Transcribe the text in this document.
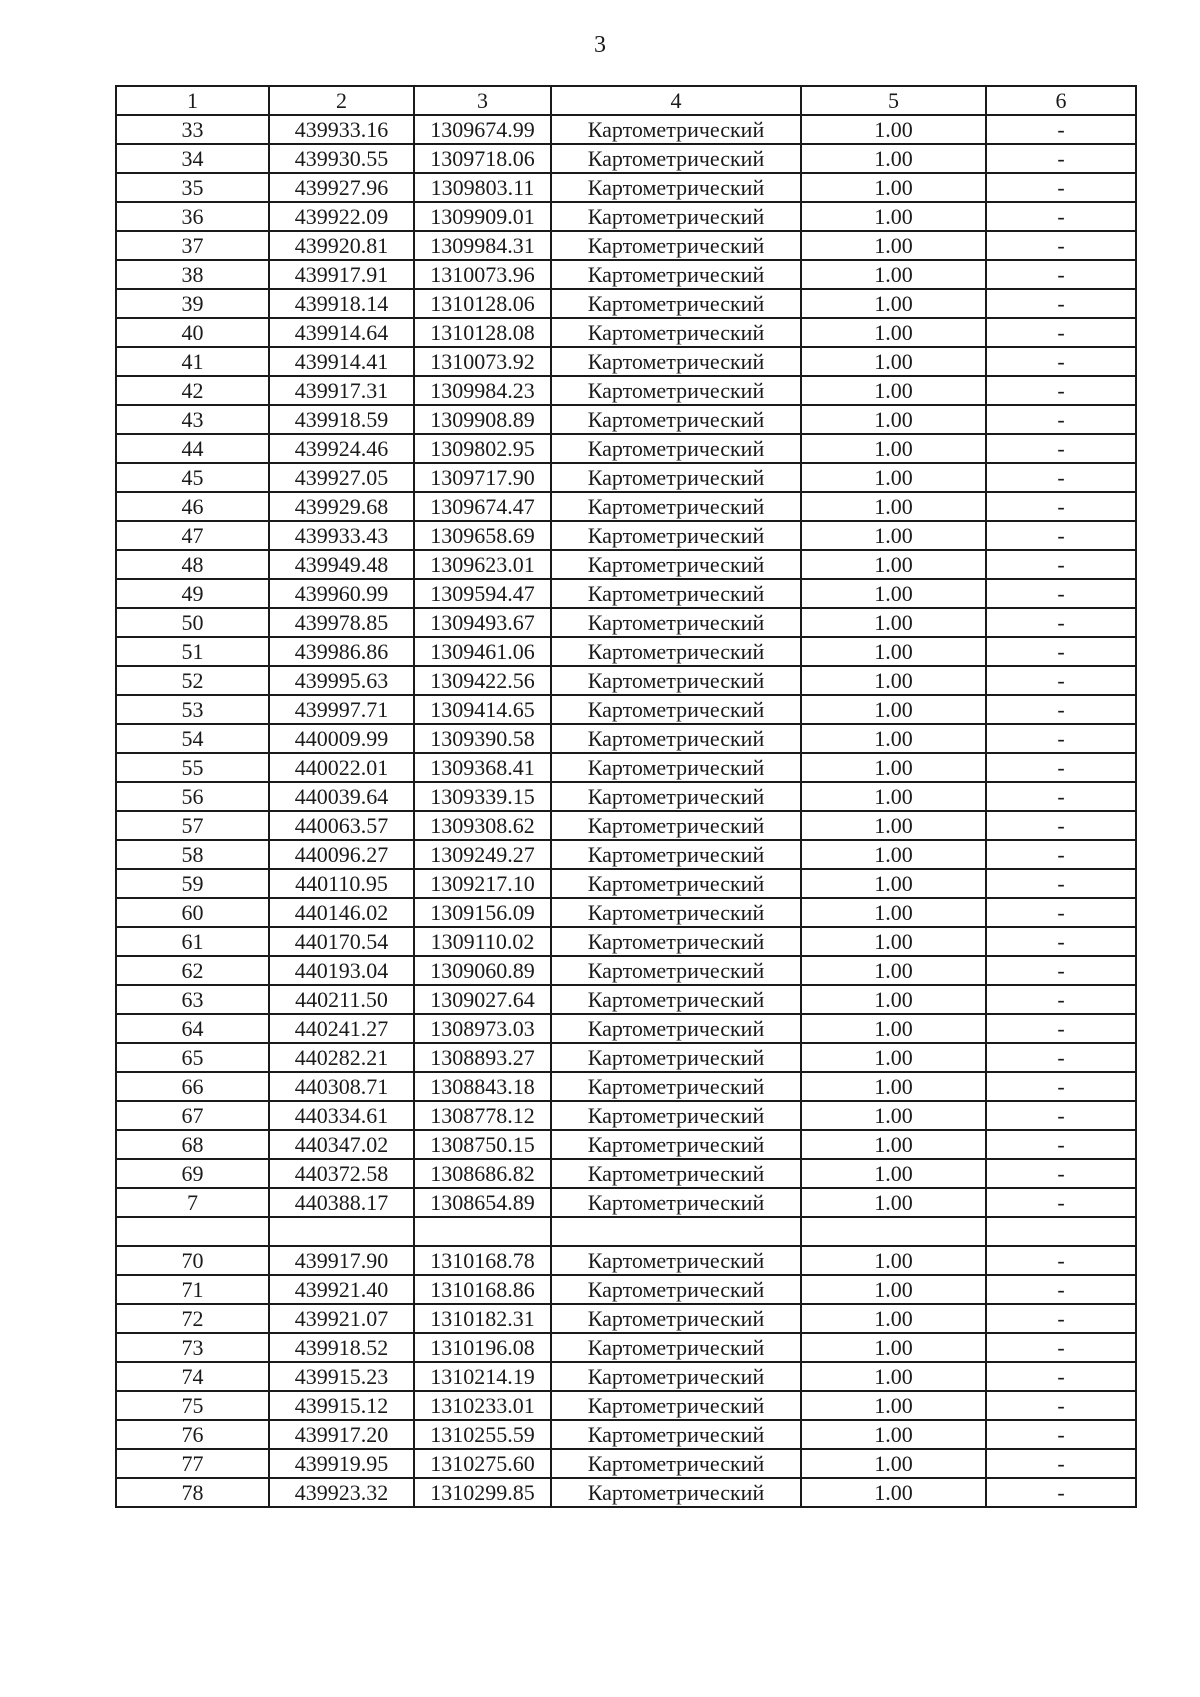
3
1	2	3	4	5	6
33	439933.16	1309674.99	Картометрический	1.00	-
34	439930.55	1309718.06	Картометрический	1.00	-
35	439927.96	1309803.11	Картометрический	1.00	-
36	439922.09	1309909.01	Картометрический	1.00	-
37	439920.81	1309984.31	Картометрический	1.00	-
38	439917.91	1310073.96	Картометрический	1.00	-
39	439918.14	1310128.06	Картометрический	1.00	-
40	439914.64	1310128.08	Картометрический	1.00	-
41	439914.41	1310073.92	Картометрический	1.00	-
42	439917.31	1309984.23	Картометрический	1.00	-
43	439918.59	1309908.89	Картометрический	1.00	-
44	439924.46	1309802.95	Картометрический	1.00	-
45	439927.05	1309717.90	Картометрический	1.00	-
46	439929.68	1309674.47	Картометрический	1.00	-
47	439933.43	1309658.69	Картометрический	1.00	-
48	439949.48	1309623.01	Картометрический	1.00	-
49	439960.99	1309594.47	Картометрический	1.00	-
50	439978.85	1309493.67	Картометрический	1.00	-
51	439986.86	1309461.06	Картометрический	1.00	-
52	439995.63	1309422.56	Картометрический	1.00	-
53	439997.71	1309414.65	Картометрический	1.00	-
54	440009.99	1309390.58	Картометрический	1.00	-
55	440022.01	1309368.41	Картометрический	1.00	-
56	440039.64	1309339.15	Картометрический	1.00	-
57	440063.57	1309308.62	Картометрический	1.00	-
58	440096.27	1309249.27	Картометрический	1.00	-
59	440110.95	1309217.10	Картометрический	1.00	-
60	440146.02	1309156.09	Картометрический	1.00	-
61	440170.54	1309110.02	Картометрический	1.00	-
62	440193.04	1309060.89	Картометрический	1.00	-
63	440211.50	1309027.64	Картометрический	1.00	-
64	440241.27	1308973.03	Картометрический	1.00	-
65	440282.21	1308893.27	Картометрический	1.00	-
66	440308.71	1308843.18	Картометрический	1.00	-
67	440334.61	1308778.12	Картометрический	1.00	-
68	440347.02	1308750.15	Картометрический	1.00	-
69	440372.58	1308686.82	Картометрический	1.00	-
7	440388.17	1308654.89	Картометрический	1.00	-

70	439917.90	1310168.78	Картометрический	1.00	-
71	439921.40	1310168.86	Картометрический	1.00	-
72	439921.07	1310182.31	Картометрический	1.00	-
73	439918.52	1310196.08	Картометрический	1.00	-
74	439915.23	1310214.19	Картометрический	1.00	-
75	439915.12	1310233.01	Картометрический	1.00	-
76	439917.20	1310255.59	Картометрический	1.00	-
77	439919.95	1310275.60	Картометрический	1.00	-
78	439923.32	1310299.85	Картометрический	1.00	-
